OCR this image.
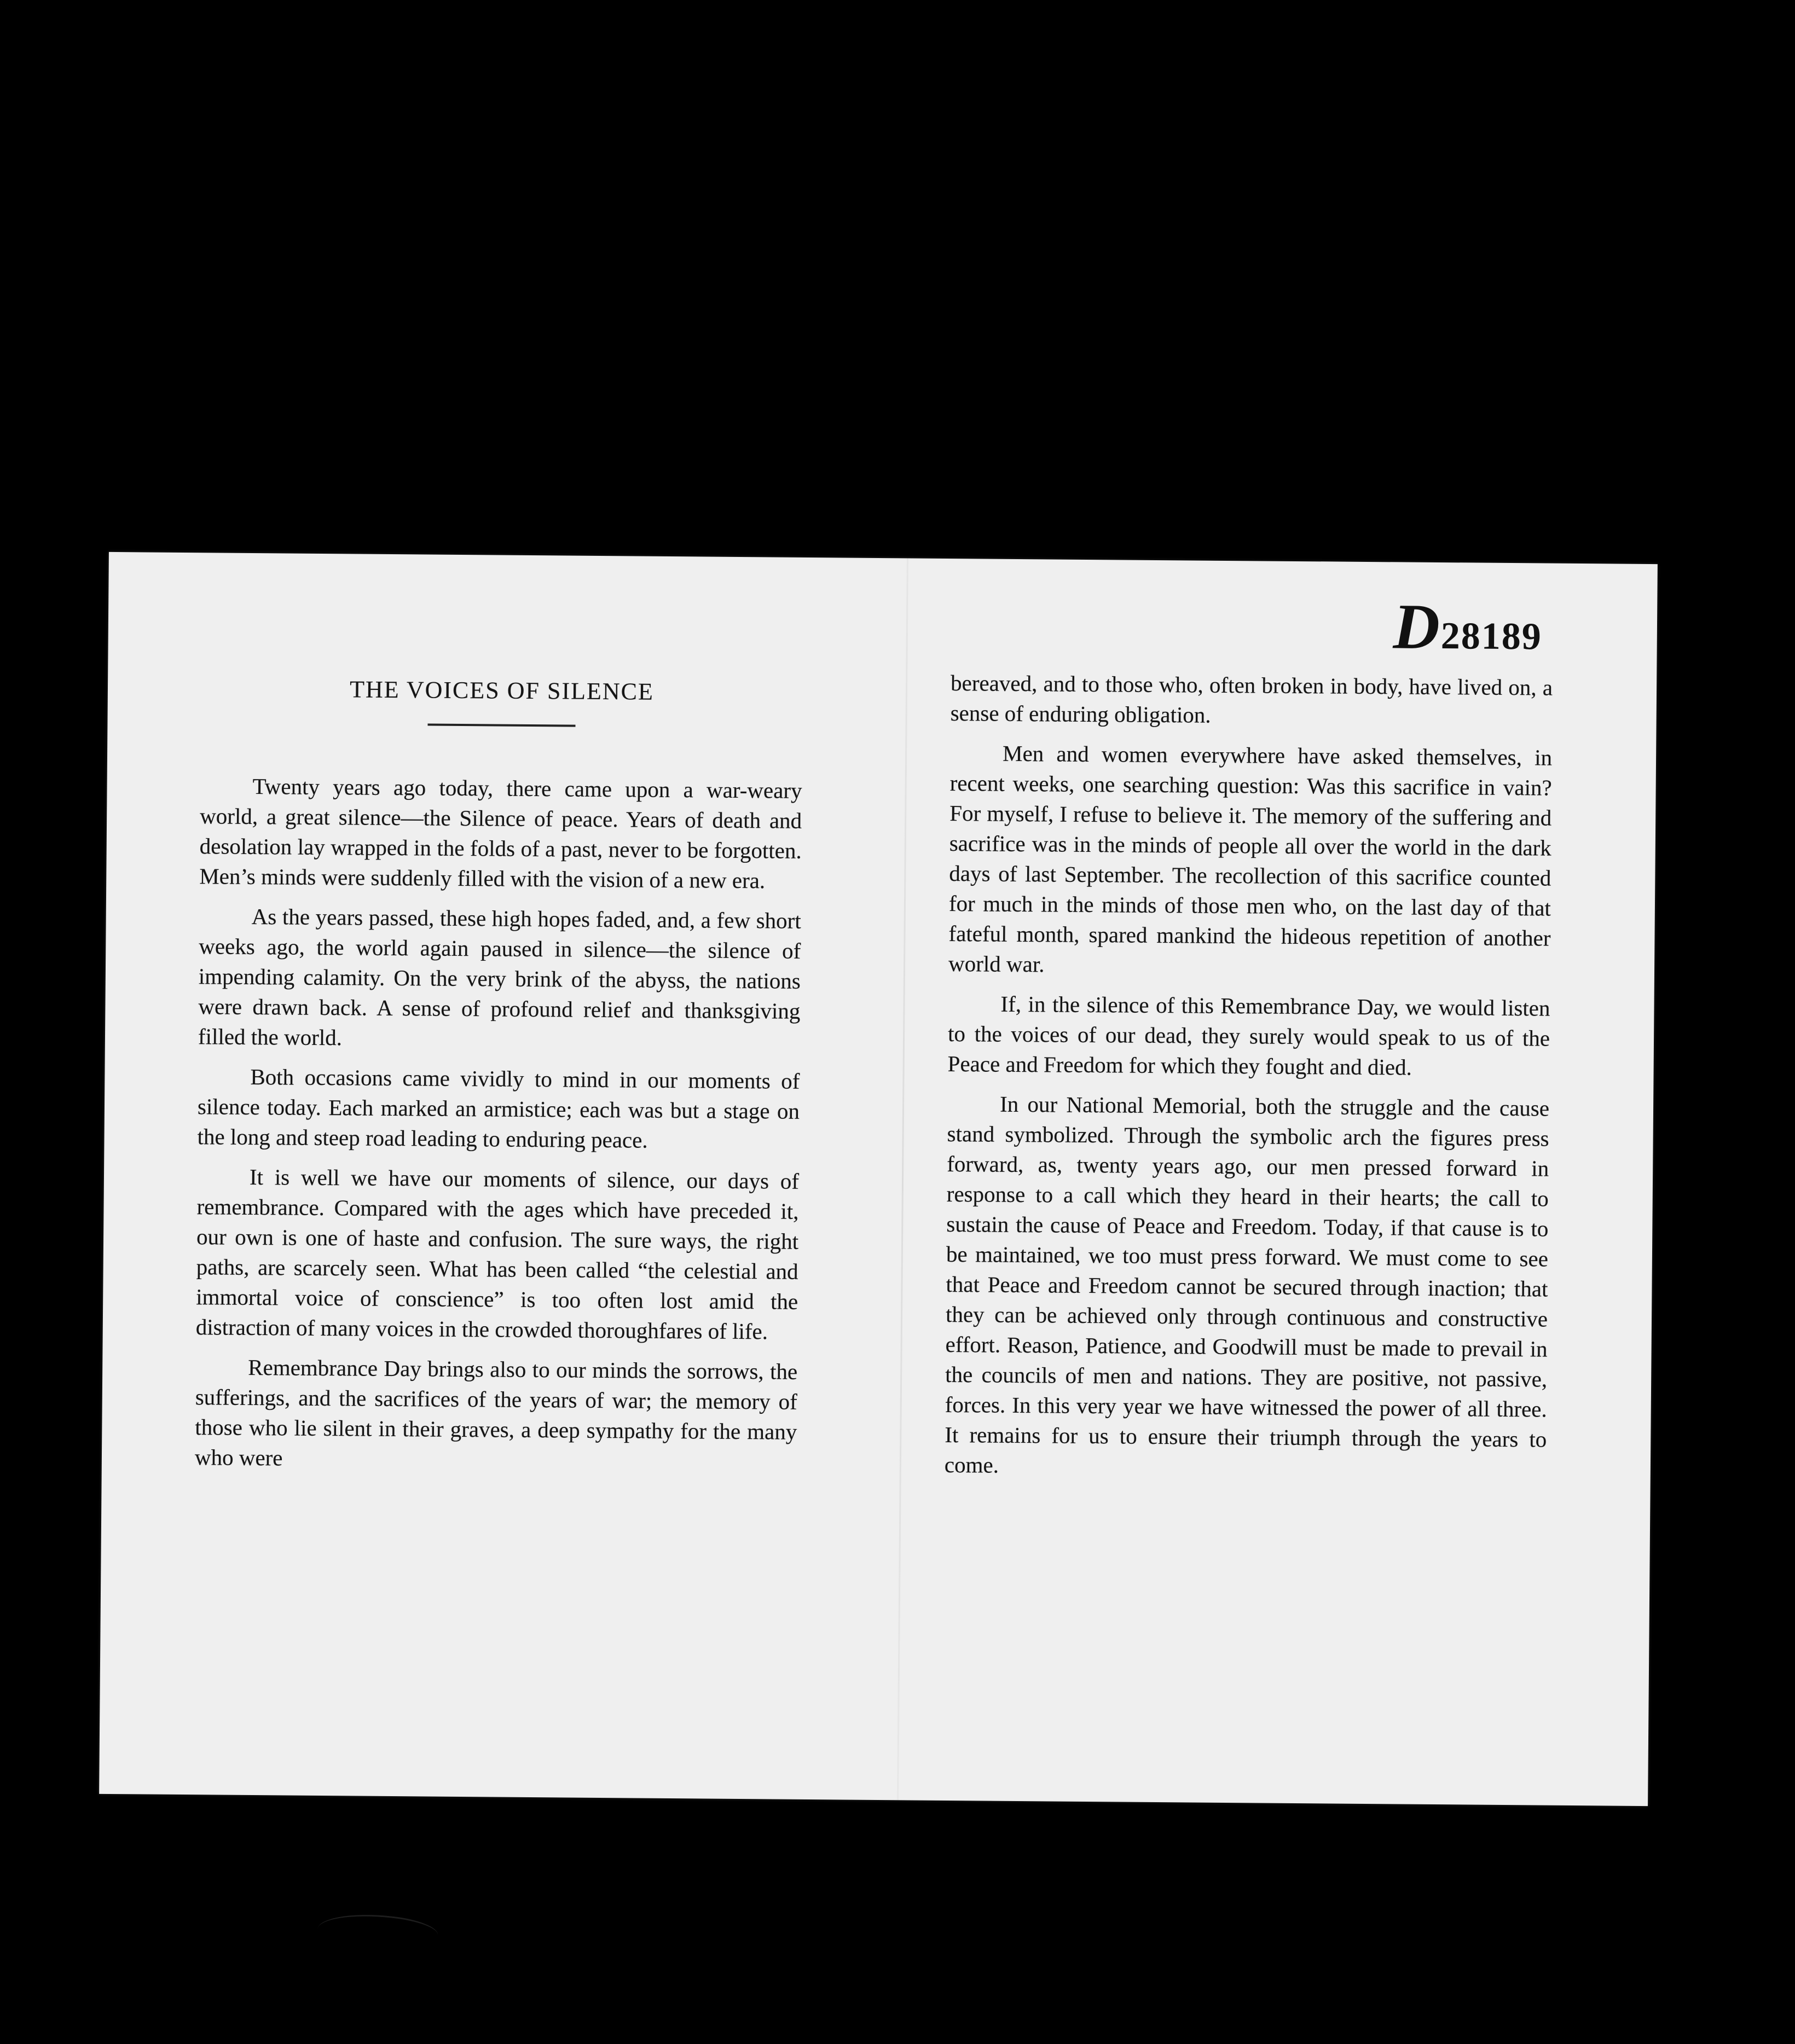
D28189
THE VOICES OF SILENCE

Twenty years ago today, there came upon a war-weary world, a great silence—the Silence of peace. Years of death and desolation lay wrapped in the folds of a past, never to be forgotten. Men’s minds were suddenly filled with the vision of a new era.

As the years passed, these high hopes faded, and, a few short weeks ago, the world again paused in silence—the silence of impending calamity. On the very brink of the abyss, the nations were drawn back. A sense of profound relief and thanksgiving filled the world.

Both occasions came vividly to mind in our moments of silence today. Each marked an armistice; each was but a stage on the long and steep road leading to enduring peace.

It is well we have our moments of silence, our days of remembrance. Compared with the ages which have preceded it, our own is one of haste and confusion. The sure ways, the right paths, are scarcely seen. What has been called “the celestial and immortal voice of conscience” is too often lost amid the distraction of many voices in the crowded thoroughfares of life.

Remembrance Day brings also to our minds the sorrows, the sufferings, and the sacrifices of the years of war; the memory of those who lie silent in their graves, a deep sympathy for the many who were

bereaved, and to those who, often broken in body, have lived on, a sense of enduring obligation.

Men and women everywhere have asked themselves, in recent weeks, one searching question: Was this sacrifice in vain? For myself, I refuse to believe it. The memory of the suffering and sacrifice was in the minds of people all over the world in the dark days of last September. The recollection of this sacrifice counted for much in the minds of those men who, on the last day of that fateful month, spared mankind the hideous repetition of another world war.

If, in the silence of this Remembrance Day, we would listen to the voices of our dead, they surely would speak to us of the Peace and Freedom for which they fought and died.

In our National Memorial, both the struggle and the cause stand symbolized. Through the symbolic arch the figures press forward, as, twenty years ago, our men pressed forward in response to a call which they heard in their hearts; the call to sustain the cause of Peace and Freedom. Today, if that cause is to be maintained, we too must press forward. We must come to see that Peace and Freedom cannot be secured through inaction; that they can be achieved only through continuous and constructive effort. Reason, Patience, and Goodwill must be made to prevail in the councils of men and nations. They are positive, not passive, forces. In this very year we have witnessed the power of all three. It remains for us to ensure their triumph through the years to come.
